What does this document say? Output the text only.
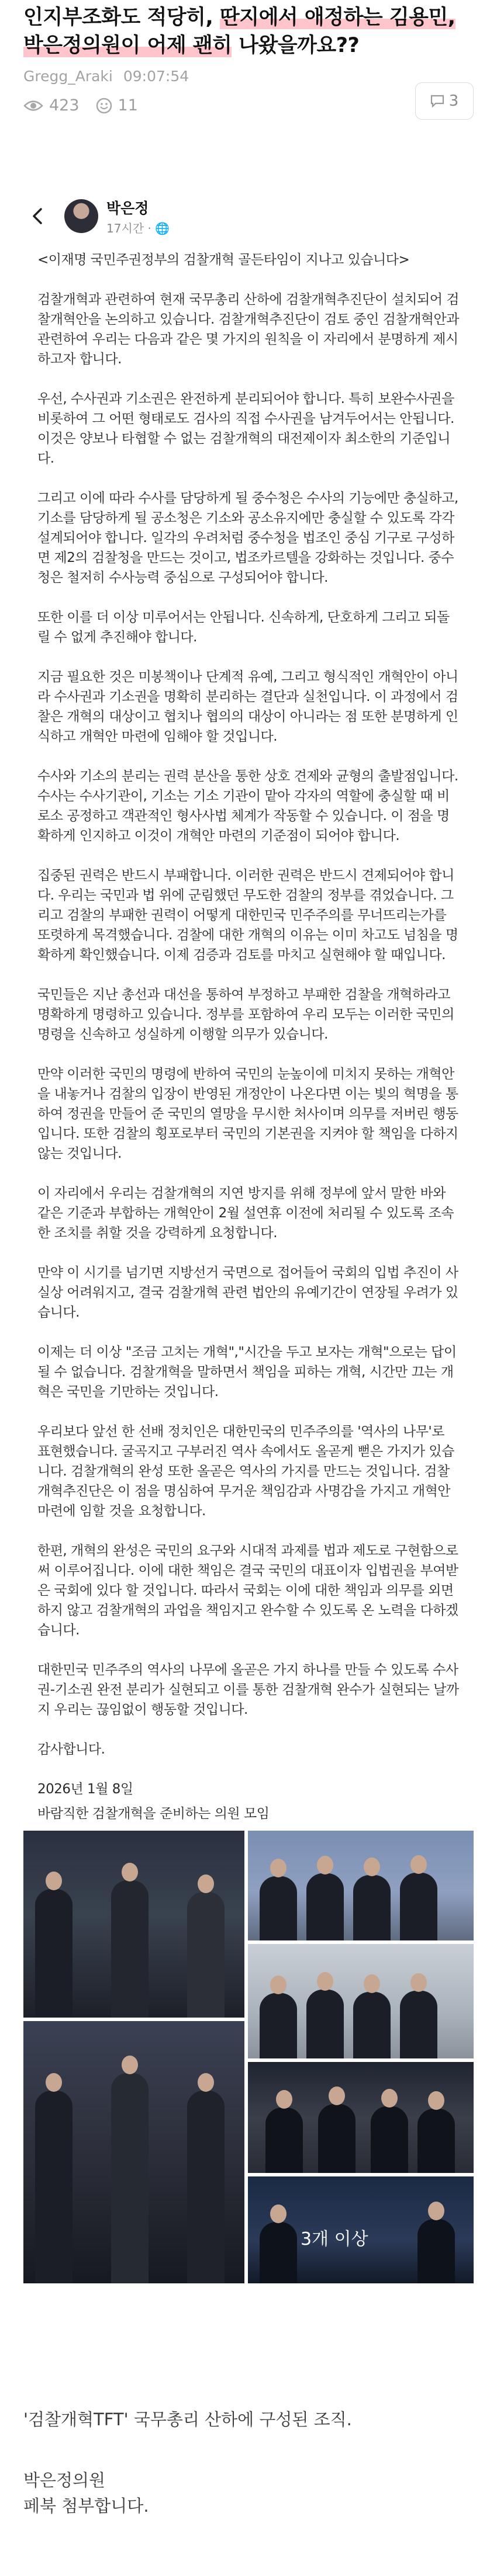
인지부조화도 적당히, 딴지에서 애정하는 김용민, 박은정의원이 어제 괜히 나왔을까요??
Gregg_Araki 09:07:54
423 11	3
박은정
17시간 · 🌐

<이재명 국민주권정부의 검찰개혁 골든타임이 지나고 있습니다>

검찰개혁과 관련하여 현재 국무총리 산하에 검찰개혁추진단이 설치되어 검찰개혁안을 논의하고 있습니다. 검찰개혁추진단이 검토 중인 검찰개혁안과 관련하여 우리는 다음과 같은 몇 가지의 원칙을 이 자리에서 분명하게 제시하고자 합니다.

우선, 수사권과 기소권은 완전하게 분리되어야 합니다. 특히 보완수사권을 비롯하여 그 어떤 형태로도 검사의 직접 수사권을 남겨두어서는 안됩니다. 이것은 양보나 타협할 수 없는 검찰개혁의 대전제이자 최소한의 기준입니다.

그리고 이에 따라 수사를 담당하게 될 중수청은 수사의 기능에만 충실하고, 기소를 담당하게 될 공소청은 기소와 공소유지에만 충실할 수 있도록 각각 설계되어야 합니다. 일각의 우려처럼 중수청을 법조인 중심 기구로 구성하면 제2의 검찰청을 만드는 것이고, 법조카르텔을 강화하는 것입니다. 중수청은 철저히 수사능력 중심으로 구성되어야 합니다.

또한 이를 더 이상 미루어서는 안됩니다. 신속하게, 단호하게 그리고 되돌릴 수 없게 추진해야 합니다.

지금 필요한 것은 미봉책이나 단계적 유예, 그리고 형식적인 개혁안이 아니라 수사권과 기소권을 명확히 분리하는 결단과 실천입니다. 이 과정에서 검찰은 개혁의 대상이고 협치나 협의의 대상이 아니라는 점 또한 분명하게 인식하고 개혁안 마련에 임해야 할 것입니다.

수사와 기소의 분리는 권력 분산을 통한 상호 견제와 균형의 출발점입니다. 수사는 수사기관이, 기소는 기소 기관이 맡아 각자의 역할에 충실할 때 비로소 공정하고 객관적인 형사사법 체계가 작동할 수 있습니다. 이 점을 명확하게 인지하고 이것이 개혁안 마련의 기준점이 되어야 합니다.

집중된 권력은 반드시 부패합니다. 이러한 권력은 반드시 견제되어야 합니다. 우리는 국민과 법 위에 군림했던 무도한 검찰의 정부를 겪었습니다. 그리고 검찰의 부패한 권력이 어떻게 대한민국 민주주의를 무너뜨리는가를 또렷하게 목격했습니다. 검찰에 대한 개혁의 이유는 이미 차고도 넘침을 명확하게 확인했습니다. 이제 검증과 검토를 마치고 실현해야 할 때입니다.

국민들은 지난 총선과 대선을 통하여 부정하고 부패한 검찰을 개혁하라고 명확하게 명령하고 있습니다. 정부를 포함하여 우리 모두는 이러한 국민의 명령을 신속하고 성실하게 이행할 의무가 있습니다.

만약 이러한 국민의 명령에 반하여 국민의 눈높이에 미치지 못하는 개혁안을 내놓거나 검찰의 입장이 반영된 개정안이 나온다면 이는 빛의 혁명을 통하여 정권을 만들어 준 국민의 열망을 무시한 처사이며 의무를 저버린 행동입니다. 또한 검찰의 횡포로부터 국민의 기본권을 지켜야 할 책임을 다하지 않는 것입니다.

이 자리에서 우리는 검찰개혁의 지연 방지를 위해 정부에 앞서 말한 바와 같은 기준과 부합하는 개혁안이 2월 설연휴 이전에 처리될 수 있도록 조속한 조치를 취할 것을 강력하게 요청합니다.

만약 이 시기를 넘기면 지방선거 국면으로 접어들어 국회의 입법 추진이 사실상 어려워지고, 결국 검찰개혁 관련 법안의 유예기간이 연장될 우려가 있습니다.

이제는 더 이상 "조금 고치는 개혁","시간을 두고 보자는 개혁"으로는 답이 될 수 없습니다. 검찰개혁을 말하면서 책임을 피하는 개혁, 시간만 끄는 개혁은 국민을 기만하는 것입니다.

우리보다 앞선 한 선배 정치인은 대한민국의 민주주의를 '역사의 나무'로 표현했습니다. 굴곡지고 구부러진 역사 속에서도 올곧게 뻗은 가지가 있습니다. 검찰개혁의 완성 또한 올곧은 역사의 가지를 만드는 것입니다. 검찰개혁추진단은 이 점을 명심하여 무거운 책임감과 사명감을 가지고 개혁안 마련에 임할 것을 요청합니다.

한편, 개혁의 완성은 국민의 요구와 시대적 과제를 법과 제도로 구현함으로써 이루어집니다. 이에 대한 책임은 결국 국민의 대표이자 입법권을 부여받은 국회에 있다 할 것입니다. 따라서 국회는 이에 대한 책임과 의무를 외면하지 않고 검찰개혁의 과업을 책임지고 완수할 수 있도록 온 노력을 다하겠습니다.

대한민국 민주주의 역사의 나무에 올곧은 가지 하나를 만들 수 있도록 수사권-기소권 완전 분리가 실현되고 이를 통한 검찰개혁 완수가 실현되는 날까지 우리는 끊임없이 행동할 것입니다.

감사합니다.

2026년 1월 8일

바람직한 검찰개혁을 준비하는 의원 모임

3개 이상

'검찰개혁TFT' 국무총리 산하에 구성된 조직.

박은정의원

페북 첨부합니다.
